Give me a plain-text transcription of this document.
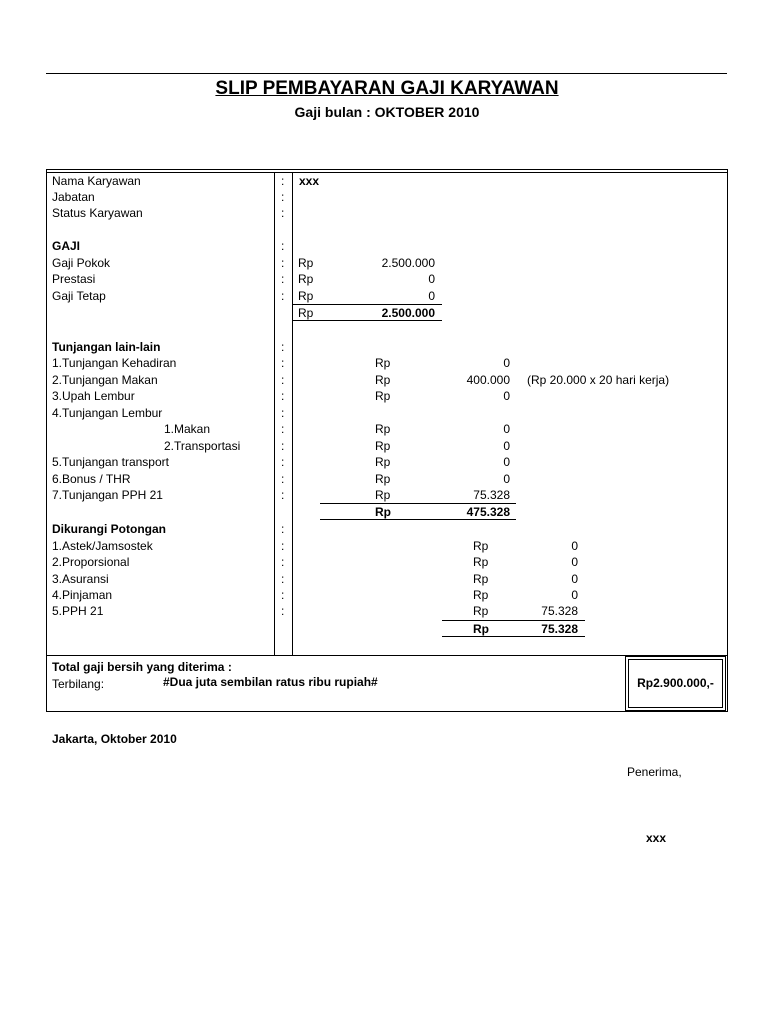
SLIP PEMBAYARAN GAJI KARYAWAN
Gaji bulan : OKTOBER 2010
Nama Karyawan	: xxx
Jabatan	:
Status Karyawan	:
GAJI	:
Gaji Pokok	: Rp	2.500.000
Prestasi	: Rp	0
Gaji Tetap	: Rp	0
Rp	2.500.000
Tunjangan lain-lain	:
1.Tunjangan Kehadiran	:	Rp	0
2.Tunjangan Makan	:	Rp	400.000 (Rp 20.000 x 20 hari kerja)
3.Upah Lembur	:	Rp	0
4.Tunjangan Lembur	:
1.Makan	:	Rp	0
2.Transportasi	:	Rp	0
5.Tunjangan transport	:	Rp	0
6.Bonus / THR	:	Rp	0
7.Tunjangan PPH 21	:	Rp	75.328
Rp	475.328
Dikurangi Potongan	:
1.Astek/Jamsostek	:	Rp	0
2.Proporsional	:	Rp	0
3.Asuransi	:	Rp	0
4.Pinjaman	:	Rp	0
5.PPH 21	:	Rp	75.328
Rp	75.328
Total gaji bersih yang diterima :
Terbilang:	#Dua juta sembilan ratus ribu rupiah#	Rp2.900.000,-
Jakarta, Oktober 2010
Penerima,
xxx
